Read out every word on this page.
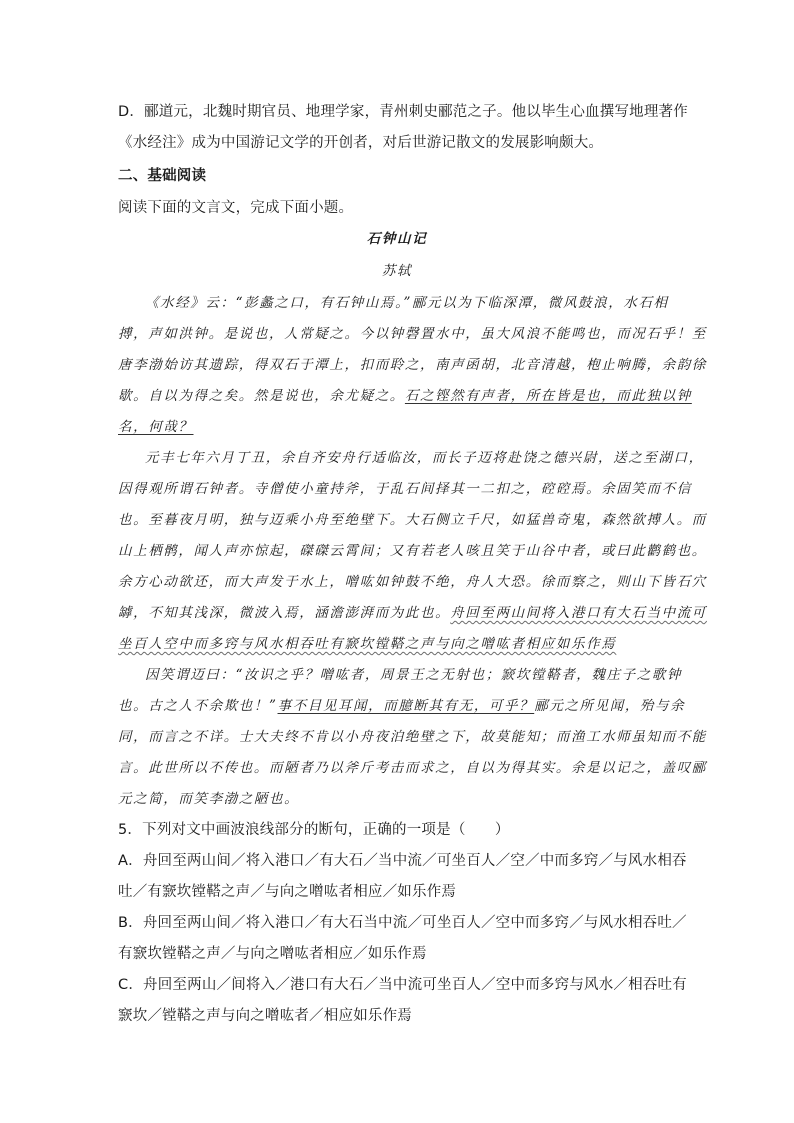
D．郦道元，北魏时期官员、地理学家，青州刺史郦范之子。他以毕生心血撰写地理著作
《水经注》成为中国游记文学的开创者，对后世游记散文的发展影响颇大。
二、基础阅读
阅读下面的文言文，完成下面小题。
石钟山记
苏轼
《水经》云：“彭蠡之口，有石钟山焉。”郦元以为下临深潭，微风鼓浪，水石相
搏，声如洪钟。是说也，人常疑之。今以钟磬置水中，虽大风浪不能鸣也，而况石乎！至
唐李渤始访其遗踪，得双石于潭上，扣而聆之，南声函胡，北音清越，枹止响腾，余韵徐
歇。自以为得之矣。然是说也，余尤疑之。石之铿然有声者，所在皆是也，而此独以钟
名，何哉？
元丰七年六月丁丑，余自齐安舟行适临汝，而长子迈将赴饶之德兴尉，送之至湖口，
因得观所谓石钟者。寺僧使小童持斧，于乱石间择其一二扣之，硿硿焉。余固笑而不信
也。至暮夜月明，独与迈乘小舟至绝壁下。大石侧立千尺，如猛兽奇鬼，森然欲搏人。而
山上栖鹘，闻人声亦惊起，磔磔云霄间；又有若老人咳且笑于山谷中者，或曰此鹳鹤也。
余方心动欲还，而大声发于水上，噌吰如钟鼓不绝，舟人大恐。徐而察之，则山下皆石穴
罅，不知其浅深，微波入焉，涵澹澎湃而为此也。舟回至两山间将入港口有大石当中流可
坐百人空中而多窍与风水相吞吐有窾坎镗鞳之声与向之噌吰者相应如乐作焉
因笑谓迈曰：“汝识之乎？噌吰者，周景王之无射也；窾坎镗鞳者，魏庄子之歌钟
也。古之人不余欺也！”事不目见耳闻，而臆断其有无，可乎？郦元之所见闻，殆与余
同，而言之不详。士大夫终不肯以小舟夜泊绝壁之下，故莫能知；而渔工水师虽知而不能
言。此世所以不传也。而陋者乃以斧斤考击而求之，自以为得其实。余是以记之，盖叹郦
元之简，而笑李渤之陋也。
5．下列对文中画波浪线部分的断句，正确的一项是（　　）
A．舟回至两山间／将入港口／有大石／当中流／可坐百人／空／中而多窍／与风水相吞
吐／有窾坎镗鞳之声／与向之噌吰者相应／如乐作焉
B．舟回至两山间／将入港口／有大石当中流／可坐百人／空中而多窍／与风水相吞吐／
有窾坎镗鞳之声／与向之噌吰者相应／如乐作焉
C．舟回至两山／间将入／港口有大石／当中流可坐百人／空中而多窍与风水／相吞吐有
窾坎／镗鞳之声与向之噌吰者／相应如乐作焉
